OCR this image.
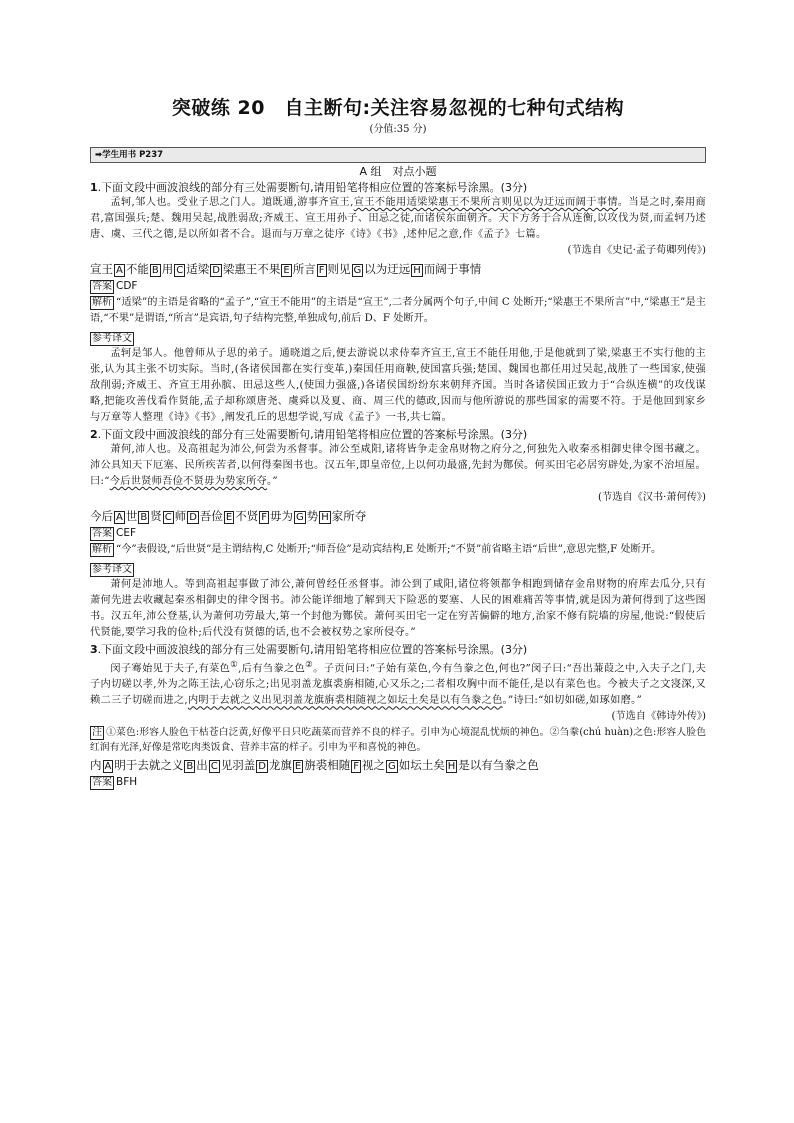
突破练 20　自主断句:关注容易忽视的七种句式结构
(分值:35 分)
➡学生用书 P237
A 组　对点小题
1.下面文段中画波浪线的部分有三处需要断句,请用铅笔将相应位置的答案标号涂黑。(3分)

孟轲,邹人也。受业子思之门人。道既通,游事齐宣王,宣王不能用适梁梁惠王不果所言则见以为迂远而阔于事情。当是之时,秦用商君,富国强兵;楚、魏用吴起,战胜弱敌;齐威王、宣王用孙子、田忌之徒,而诸侯东面朝齐。天下方务于合从连衡,以攻伐为贤,而孟轲乃述唐、虞、三代之德,是以所如者不合。退而与万章之徒序《诗》《书》,述仲尼之意,作《孟子》七篇。

(节选自《史记·孟子荀卿列传》)

宣王 A 不能 B 用 C 适梁 D 梁惠王不果 E 所言 F 则见 G 以为迂远 H 而阔于事情

答案 CDF

解析 “适梁”的主语是省略的“孟子”,“宣王不能用”的主语是“宣王”,二者分属两个句子,中间 C 处断开;“梁惠王不果所言”中,“梁惠王”是主语,“不果”是谓语,“所言”是宾语,句子结构完整,单独成句,前后 D、F 处断开。

参考译文

孟轲是邹人。他曾师从子思的弟子。通晓道之后,便去游说以求侍奉齐宣王,宣王不能任用他,于是他就到了梁,梁惠王不实行他的主张,认为其主张不切实际。当时,(各诸侯国都在实行变革,)秦国任用商鞅,使国富兵强;楚国、魏国也都任用过吴起,战胜了一些国家,使强敌削弱;齐威王、齐宣王用孙膑、田忌这些人,(使国力强盛,)各诸侯国纷纷东来朝拜齐国。当时各诸侯国正致力于“合纵连横”的攻伐谋略,把能攻善伐看作贤能,孟子却称颂唐尧、虞舜以及夏、商、周三代的德政,因而与他所游说的那些国家的需要不符。于是他回到家乡与万章等人整理《诗》《书》,阐发孔丘的思想学说,写成《孟子》一书,共七篇。

2.下面文段中画波浪线的部分有三处需要断句,请用铅笔将相应位置的答案标号涂黑。(3分)

萧何,沛人也。及高祖起为沛公,何尝为丞督事。沛公至咸阳,诸将皆争走金帛财物之府分之,何独先入收秦丞相御史律令图书藏之。沛公具知天下厄塞、民所疾苦者,以何得秦图书也。汉五年,即皇帝位,上以何功最盛,先封为酂侯。何买田宅必居穷辟处,为家不治垣屋。曰:“今后世贤师吾俭不贤毋为势家所夺。”

(节选自《汉书·萧何传》)

今后 A 世 B 贤 C 师 D 吾俭 E 不贤 F 毋为 G 势 H 家所夺

答案 CEF

解析 “今”表假设,“后世贤”是主谓结构,C 处断开;“师吾俭”是动宾结构,E 处断开;“不贤”前省略主语“后世”,意思完整,F 处断开。

参考译文

萧何是沛地人。等到高祖起事做了沛公,萧何曾经任丞督事。沛公到了咸阳,诸位将领都争相跑到储存金帛财物的府库去瓜分,只有萧何先进去收藏起秦丞相御史的律令图书。沛公能详细地了解到天下险恶的要塞、人民的困难痛苦等事情,就是因为萧何得到了这些图书。汉五年,沛公登基,认为萧何功劳最大,第一个封他为酂侯。萧何买田宅一定在穷苦偏僻的地方,治家不修有院墙的房屋,他说:“假使后代贤能,要学习我的俭朴;后代没有贤德的话,也不会被权势之家所侵夺。”

3.下面文段中画波浪线的部分有三处需要断句,请用铅笔将相应位置的答案标号涂黑。(3分)

闵子骞始见于夫子,有菜色①,后有刍豢之色②。子贡问曰:“子始有菜色,今有刍豢之色,何也?”闵子曰:“吾出蒹葭之中,入夫子之门,夫子内切磋以孝,外为之陈王法,心窃乐之;出见羽盖龙旗裘旃相随,心又乐之;二者相攻胸中而不能任,是以有菜色也。今被夫子之文寖深,又赖二三子切磋而进之,内明于去就之义出见羽盖龙旗旃裘相随视之如坛土矣是以有刍豢之色。”诗曰:“如切如磋,如琢如磨。”

(节选自《韩诗外传》)

注 ①菜色:形容人脸色干枯苍白泛黄,好像平日只吃蔬菜而营养不良的样子。引申为心境混乱忧烦的神色。②刍豢(chú huàn)之色:形容人脸色红润有光泽,好像是常吃肉类饭食、营养丰富的样子。引申为平和喜悦的神色。

内 A 明于去就之义 B 出 C 见羽盖 D 龙旗 E 旃裘相随 F 视之 G 如坛土矣 H 是以有刍豢之色

答案 BFH
